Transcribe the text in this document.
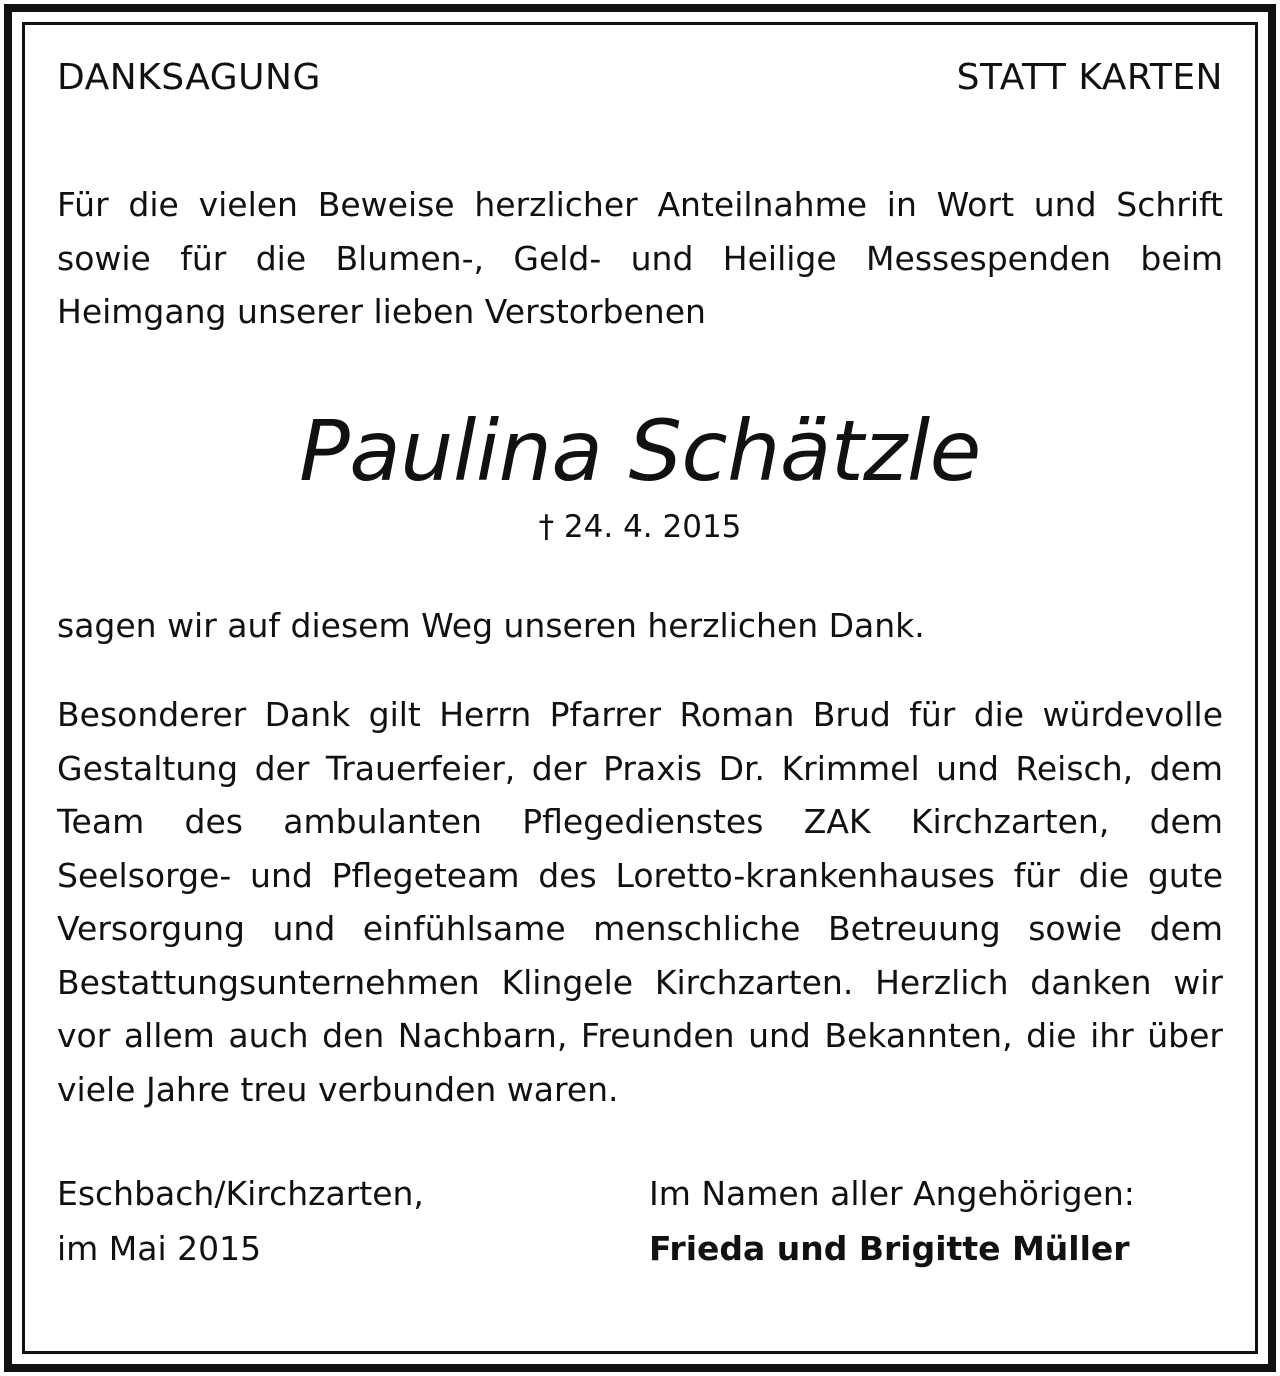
DANKSAGUNG	STATT KARTEN

Für die vielen Beweise herzlicher Anteilnahme in Wort und Schrift sowie für die Blumen-, Geld- und Heilige Messespenden beim Heimgang unserer lieben Verstorbenen

Paulina Schätzle
† 24. 4. 2015

sagen wir auf diesem Weg unseren herzlichen Dank.

Besonderer Dank gilt Herrn Pfarrer Roman Brud für die würdevolle Gestaltung der Trauerfeier, der Praxis Dr. Krimmel und Reisch, dem Team des ambulanten Pflegedienstes ZAK Kirchzarten, dem Seelsorge- und Pflegeteam des Loretto-krankenhauses für die gute Versorgung und einfühlsame menschliche Betreuung sowie dem Bestattungsunternehmen Klingele Kirchzarten. Herzlich danken wir vor allem auch den Nachbarn, Freunden und Bekannten, die ihr über viele Jahre treu verbunden waren.

Eschbach/Kirchzarten,
im Mai 2015
Im Namen aller Angehörigen:
Frieda und Brigitte Müller
